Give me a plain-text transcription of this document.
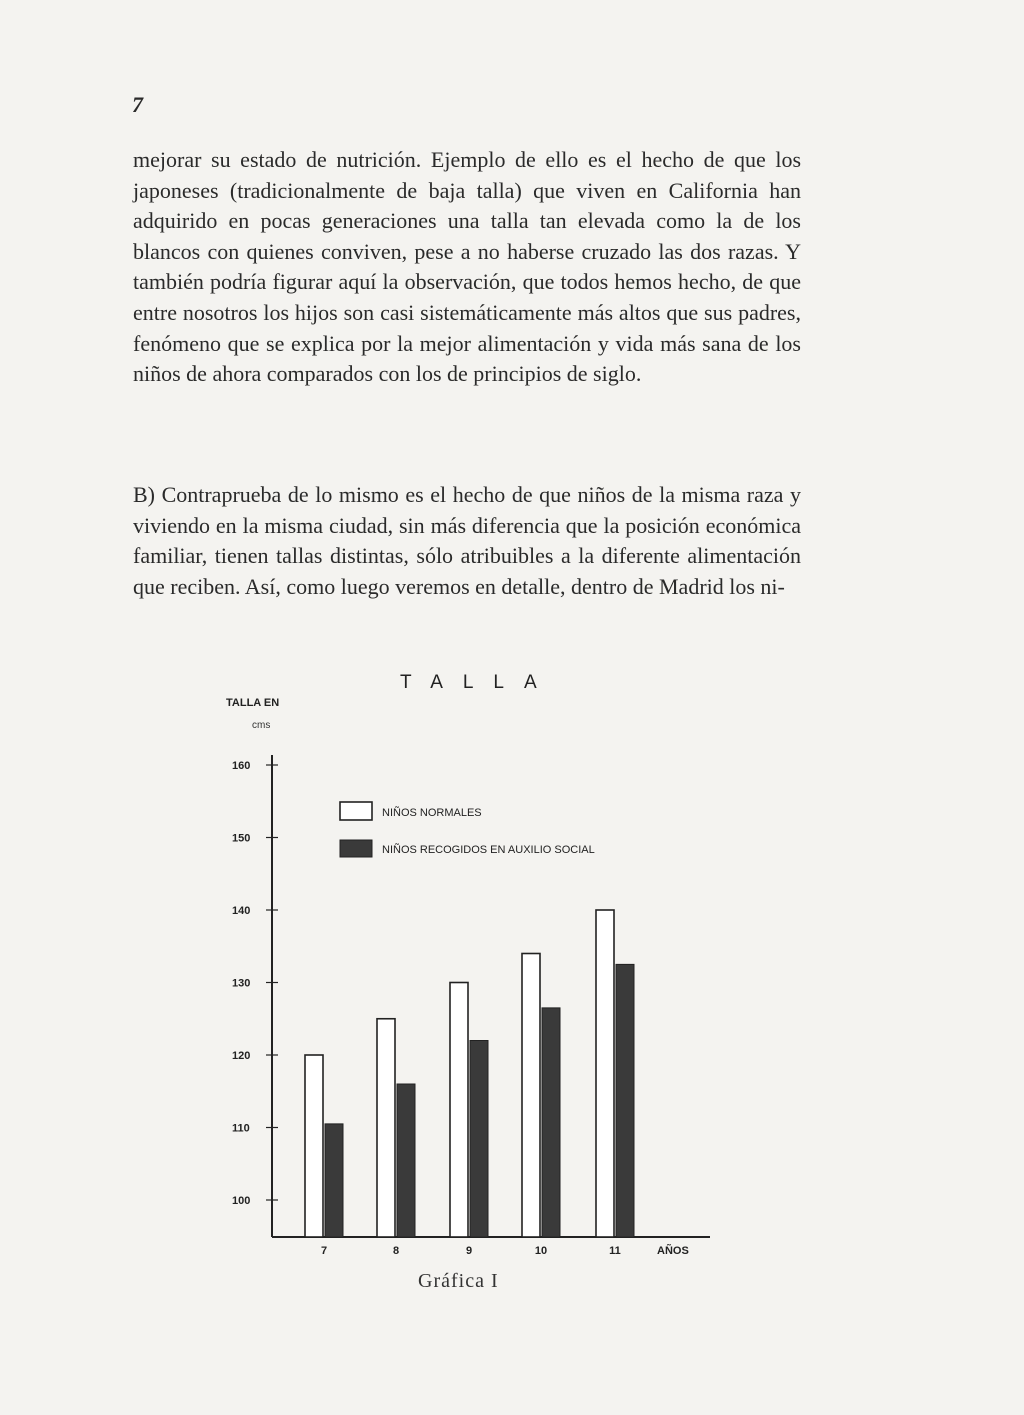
7

mejorar su estado de nutrición. Ejemplo de ello es el hecho de que los japoneses (tradicionalmente de baja talla) que viven en California han adquirido en pocas generaciones una talla tan elevada como la de los blancos con quienes conviven, pese a no haberse cruzado las dos razas. Y también podría figurar aquí la observación, que todos hemos hecho, de que entre nosotros los hijos son casi sistemáticamente más altos que sus padres, fenómeno que se explica por la mejor alimentación y vida más sana de los niños de ahora comparados con los de principios de siglo.

B) Contraprueba de lo mismo es el hecho de que niños de la misma raza y viviendo en la misma ciudad, sin más diferencia que la posición económica familiar, tienen tallas distintas, sólo atribuibles a la diferente alimentación que reciben. Así, como luego veremos en detalle, dentro de Madrid los ni-

TALLA
TALLA EN
cms
100
110
120
130
140
150
160
7	8	9	10	11	AÑOS
NIÑOS NORMALES
NIÑOS RECOGIDOS EN AUXILIO SOCIAL
Gráfica I
